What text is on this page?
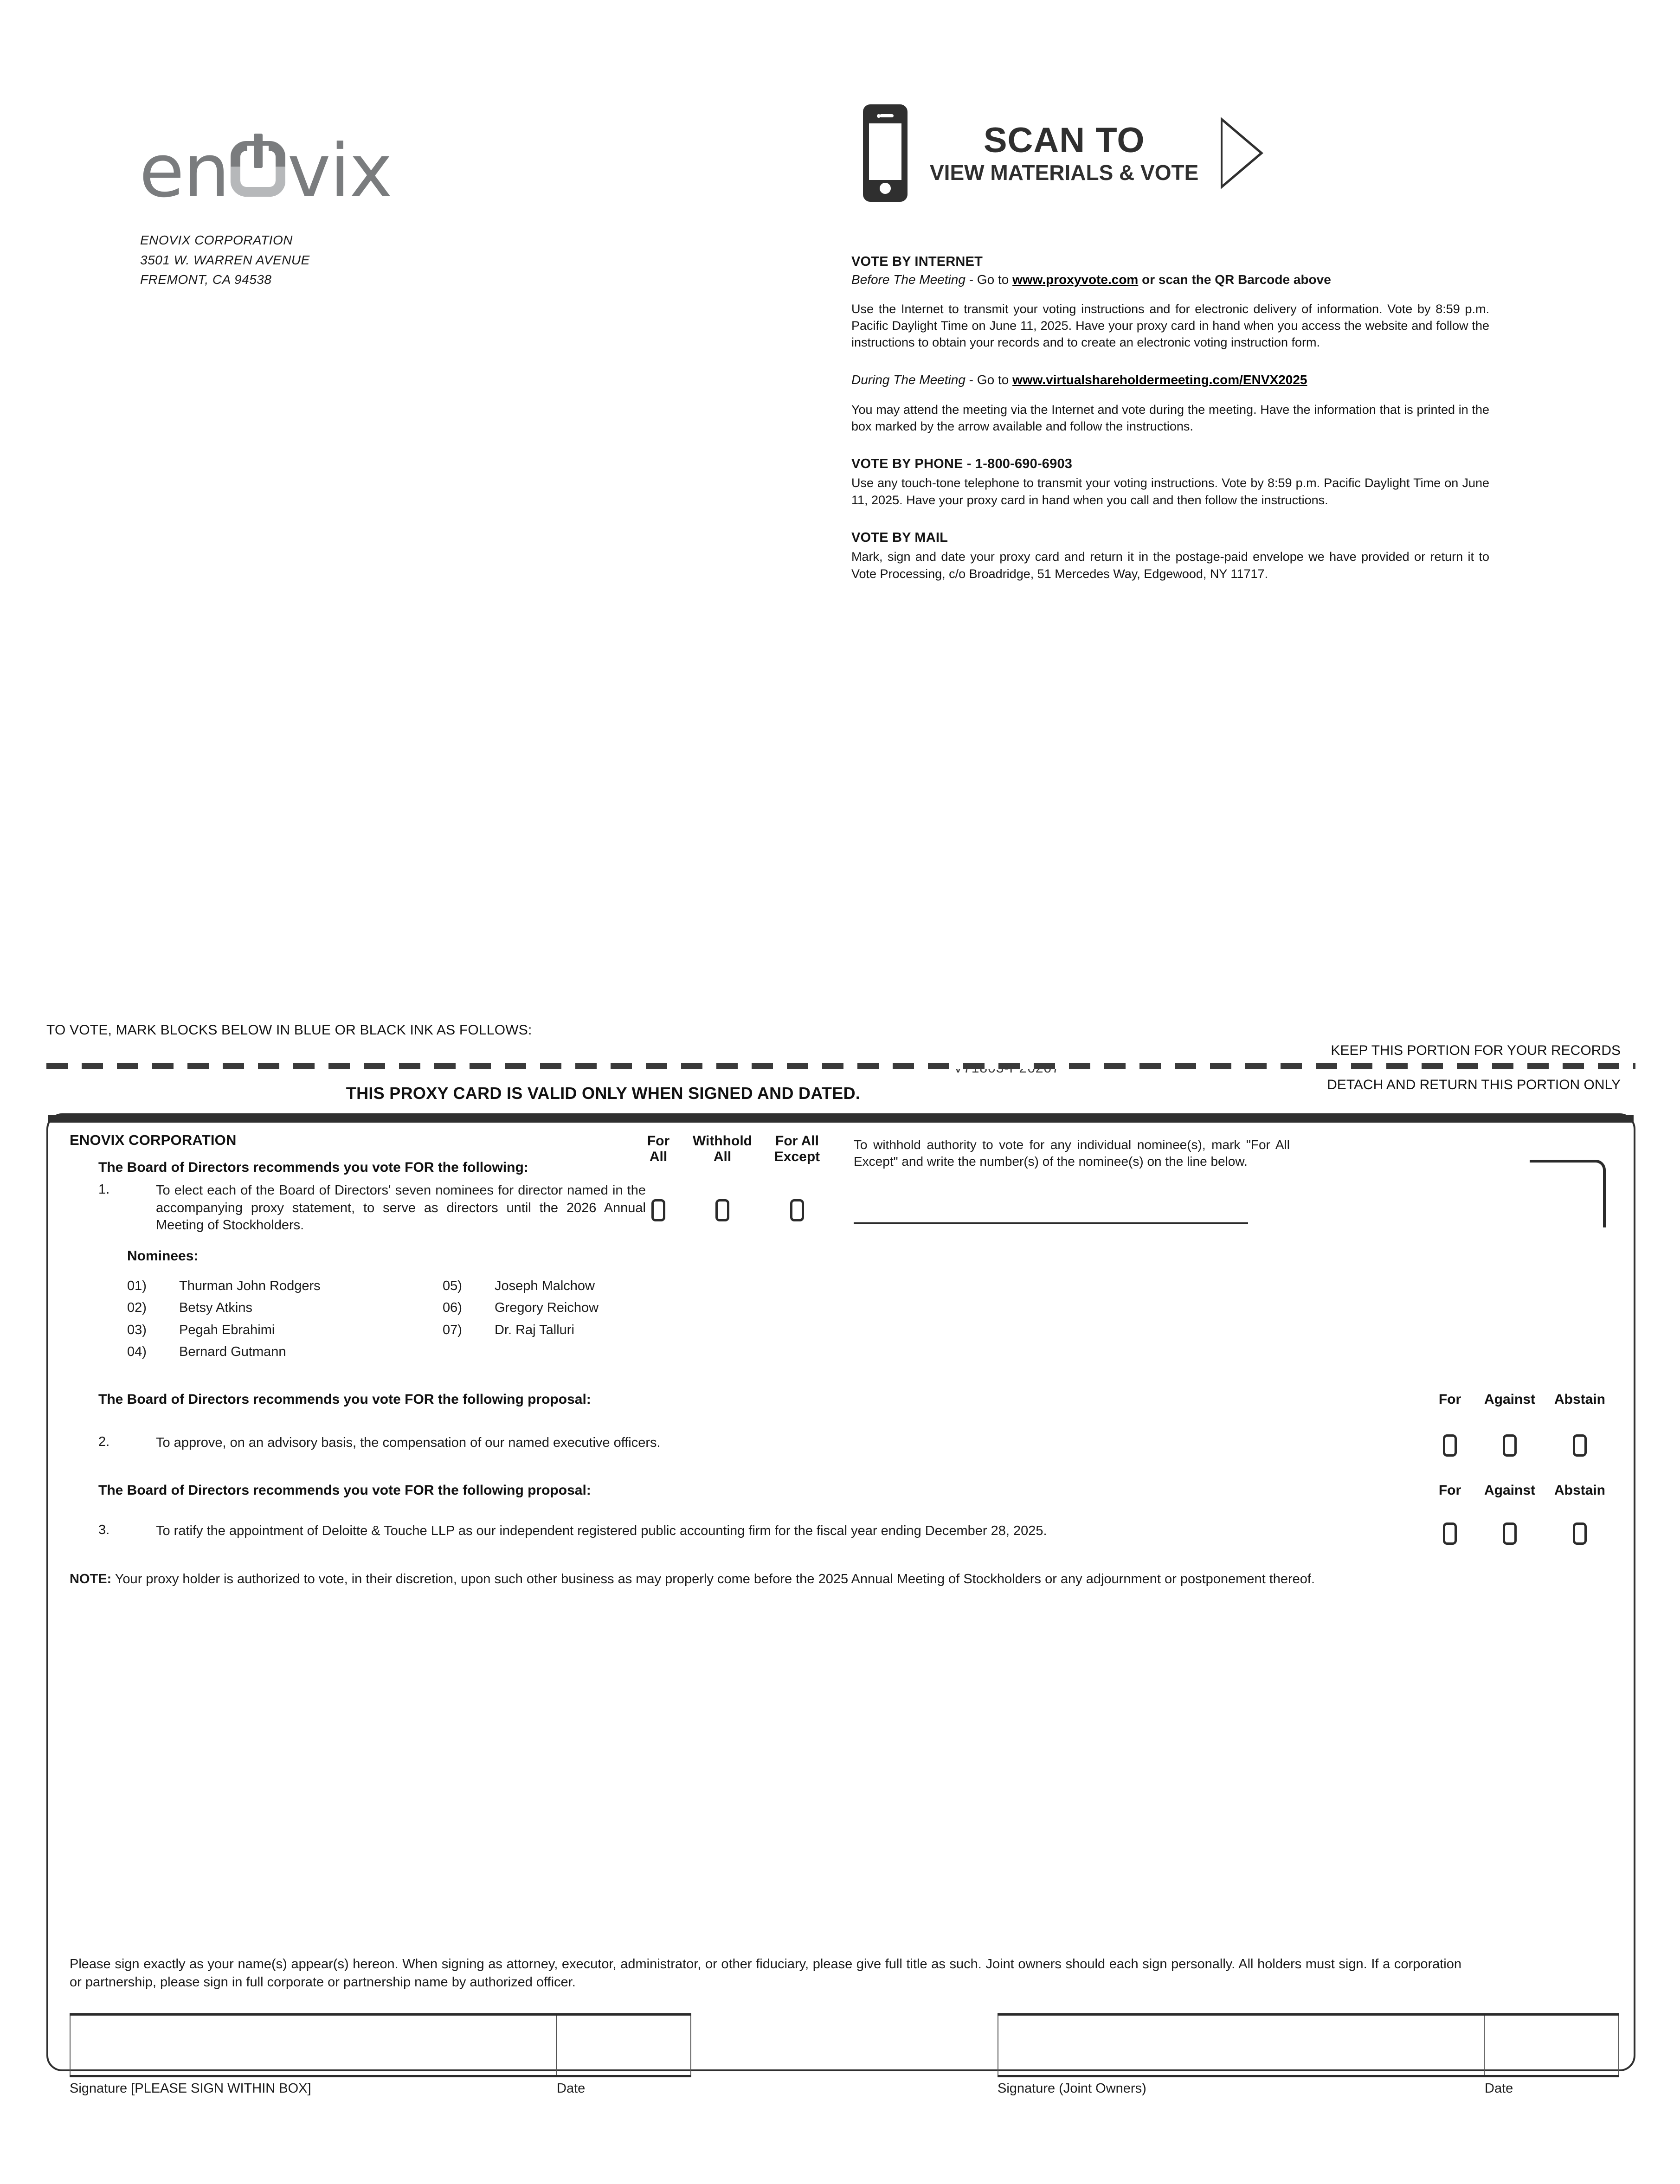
en vix
ENOVIX CORPORATION
3501 W. WARREN AVENUE
FREMONT, CA 94538
SCAN TO
VIEW MATERIALS & VOTE
VOTE BY INTERNET
Before The Meeting - Go to www.proxyvote.com or scan the QR Barcode above
Use the Internet to transmit your voting instructions and for electronic delivery of information. Vote by 8:59 p.m. Pacific Daylight Time on June 11, 2025. Have your proxy card in hand when you access the website and follow the instructions to obtain your records and to create an electronic voting instruction form.
During The Meeting - Go to www.virtualshareholdermeeting.com/ENVX2025
You may attend the meeting via the Internet and vote during the meeting. Have the information that is printed in the box marked by the arrow available and follow the instructions.
VOTE BY PHONE - 1-800-690-6903
Use any touch-tone telephone to transmit your voting instructions. Vote by 8:59 p.m. Pacific Daylight Time on June 11, 2025. Have your proxy card in hand when you call and then follow the instructions.
VOTE BY MAIL
Mark, sign and date your proxy card and return it in the postage-paid envelope we have provided or return it to Vote Processing, c/o Broadridge, 51 Mercedes Way, Edgewood, NY 11717.
TO VOTE, MARK BLOCKS BELOW IN BLUE OR BLACK INK AS FOLLOWS:
KEEP THIS PORTION FOR YOUR RECORDS
DETACH AND RETURN THIS PORTION ONLY
THIS PROXY CARD IS VALID ONLY WHEN SIGNED AND DATED.
For
All
Withhold
All
For All
Except
To withhold authority to vote for any individual nominee(s), mark "For All Except" and write the number(s) of the nominee(s) on the line below.
ENOVIX CORPORATION
The Board of Directors recommends you vote FOR the following:
1.	To elect each of the Board of Directors' seven nominees for director named in the accompanying proxy statement, to serve as directors until the 2026 Annual Meeting of Stockholders.
Nominees:
01)	Thurman John Rodgers
02)	Betsy Atkins
03)	Pegah Ebrahimi
04)	Bernard Gutmann
05)	Joseph Malchow
06)	Gregory Reichow
07)	Dr. Raj Talluri
The Board of Directors recommends you vote FOR the following proposal:	For	Against	Abstain
2.	To approve, on an advisory basis, the compensation of our named executive officers.
The Board of Directors recommends you vote FOR the following proposal:	For	Against	Abstain
3.	To ratify the appointment of Deloitte & Touche LLP as our independent registered public accounting firm for the fiscal year ending December 28, 2025.
NOTE: Your proxy holder is authorized to vote, in their discretion, upon such other business as may properly come before the 2025 Annual Meeting of Stockholders or any adjournment or postponement thereof.
Please sign exactly as your name(s) appear(s) hereon. When signing as attorney, executor, administrator, or other fiduciary, please give full title as such. Joint owners should each sign personally. All holders must sign. If a corporation or partnership, please sign in full corporate or partnership name by authorized officer.
Signature [PLEASE SIGN WITHIN BOX]	Date	Signature (Joint Owners)	Date
